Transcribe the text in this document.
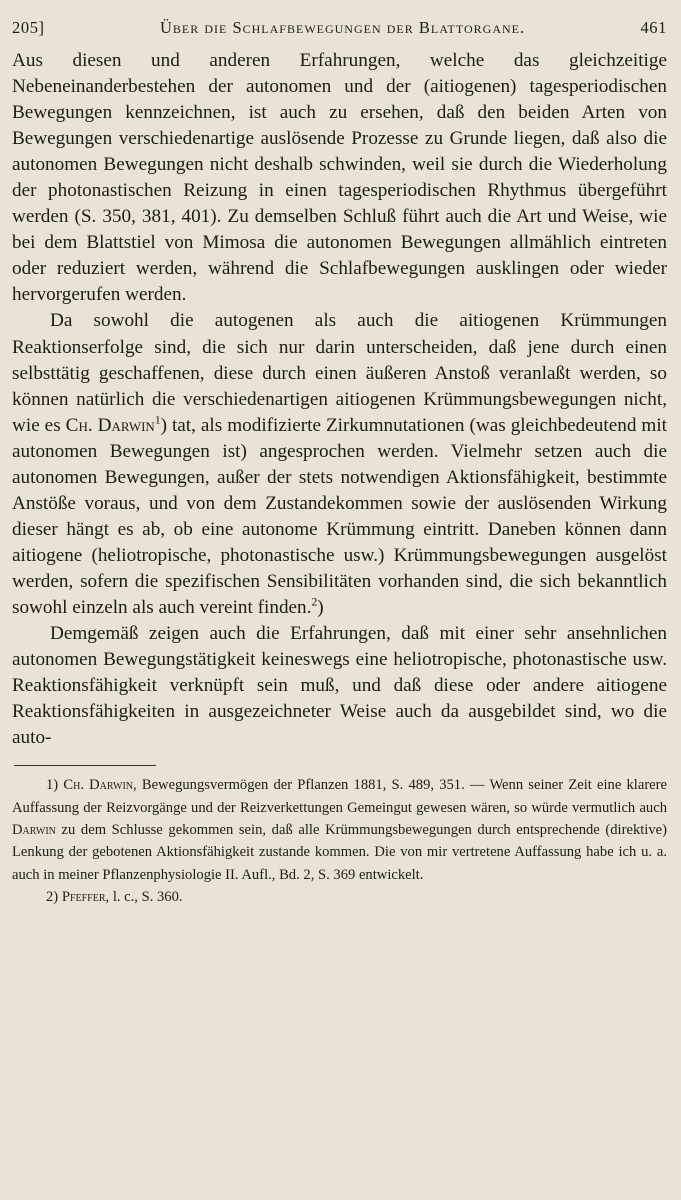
205]	Über die Schlafbewegungen der Blattorgane.	461

Aus diesen und anderen Erfahrungen, welche das gleichzeitige Nebeneinanderbestehen der autonomen und der (aitiogenen) tagesperiodischen Bewegungen kennzeichnen, ist auch zu ersehen, daß den beiden Arten von Bewegungen verschiedenartige auslösende Prozesse zu Grunde liegen, daß also die autonomen Bewegungen nicht deshalb schwinden, weil sie durch die Wiederholung der photonastischen Reizung in einen tagesperiodischen Rhythmus übergeführt werden (S. 350, 381, 401). Zu demselben Schluß führt auch die Art und Weise, wie bei dem Blattstiel von Mimosa die autonomen Bewegungen allmählich eintreten oder reduziert werden, während die Schlafbewegungen ausklingen oder wieder hervorgerufen werden.

Da sowohl die autogenen als auch die aitiogenen Krümmungen Reaktionserfolge sind, die sich nur darin unterscheiden, daß jene durch einen selbsttätig geschaffenen, diese durch einen äußeren Anstoß veranlaßt werden, so können natürlich die verschiedenartigen aitiogenen Krümmungsbewegungen nicht, wie es Ch. Darwin$^1$) tat, als modifizierte Zirkumnutationen (was gleichbedeutend mit autonomen Bewegungen ist) angesprochen werden. Vielmehr setzen auch die autonomen Bewegungen, außer der stets notwendigen Aktionsfähigkeit, bestimmte Anstöße voraus, und von dem Zustandekommen sowie der auslösenden Wirkung dieser hängt es ab, ob eine autonome Krümmung eintritt. Daneben können dann aitiogene (heliotropische, photonastische usw.) Krümmungsbewegungen ausgelöst werden, sofern die spezifischen Sensibilitäten vorhanden sind, die sich bekanntlich sowohl einzeln als auch vereint finden.$^2$)

Demgemäß zeigen auch die Erfahrungen, daß mit einer sehr ansehnlichen autonomen Bewegungstätigkeit keineswegs eine heliotropische, photonastische usw. Reaktionsfähigkeit verknüpft sein muß, und daß diese oder andere aitiogene Reaktionsfähigkeiten in ausgezeichneter Weise auch da ausgebildet sind, wo die auto-

1) Ch. Darwin, Bewegungsvermögen der Pflanzen 1881, S. 489, 351. — Wenn seiner Zeit eine klarere Auffassung der Reizvorgänge und der Reizverkettungen Gemeingut gewesen wären, so würde vermutlich auch Darwin zu dem Schlusse gekommen sein, daß alle Krümmungsbewegungen durch entsprechende (direktive) Lenkung der gebotenen Aktionsfähigkeit zustande kommen. Die von mir vertretene Auffassung habe ich u. a. auch in meiner Pflanzenphysiologie II. Aufl., Bd. 2, S. 369 entwickelt.

2) Pfeffer, l. c., S. 360.
